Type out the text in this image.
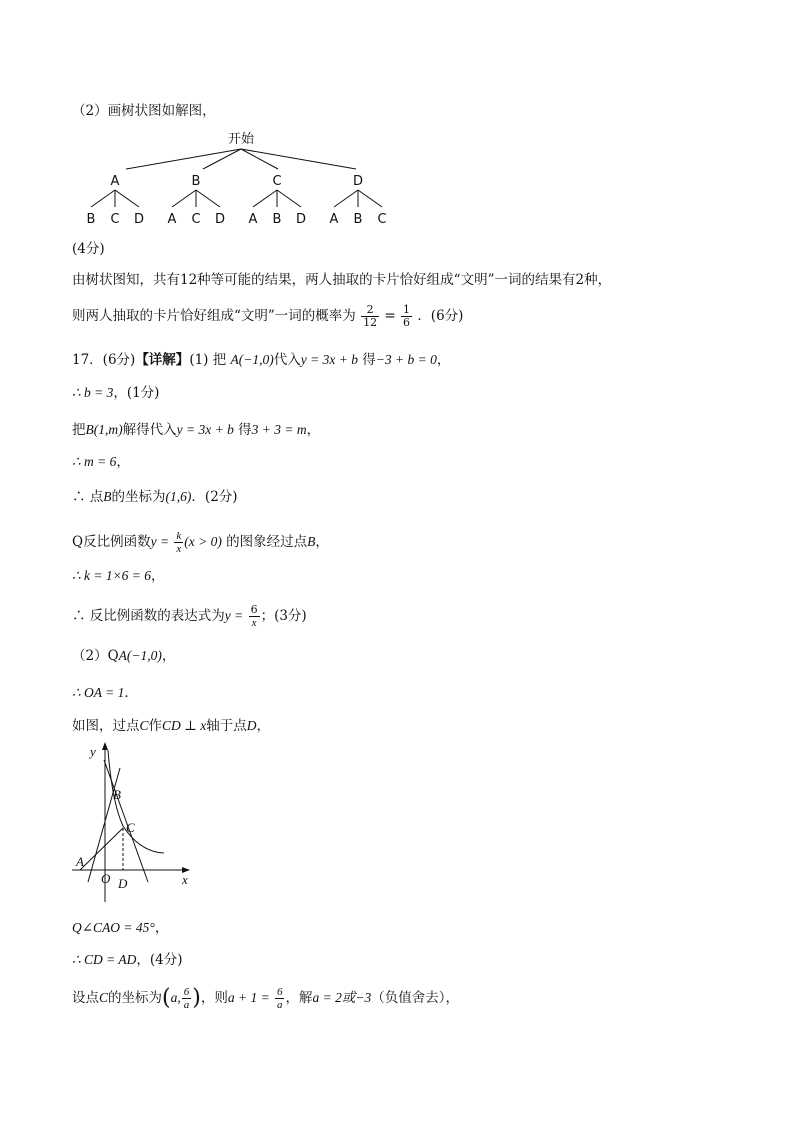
（2）画树状图如解图，
开始
A	B	C	D
B C D A C D A B D A B C
(4分)
由树状图知，共有12种等可能的结果，两人抽取的卡片恰好组成“文明”一词的结果有2种，
则两人抽取的卡片恰好组成“文明”一词的概率为 $\frac{2}{12} = \frac{1}{6}$ ．(6分)
17．(6分)【详解】(1) 把 A(−1,0)代入y = 3x + b 得−3 + b = 0，
∴ b = 3，(1分)
把B(1,m)解得代入y = 3x + b 得3 + 3 = m，
∴ m = 6，
∴ 点B的坐标为(1,6)．(2分)
Q反比例函数$y = \frac{k}{x} (x > 0)$ 的图象经过点B，
∴ k = 1×6 = 6，
∴ 反比例函数的表达式为$y = \frac{6}{x}$ ；(3分)
（2）QA(−1,0)，
∴ OA = 1．
如图，过点C作CD ⊥ x轴于点D，
y
x
A
B
C
O D
Q∠CAO = 45°，
∴ CD = AD，(4分)
设点C的坐标为(a, $\frac{6}{a}$ )，则$a + 1 = \frac{6}{a}$ ，解a = 2或−3（负值舍去），
